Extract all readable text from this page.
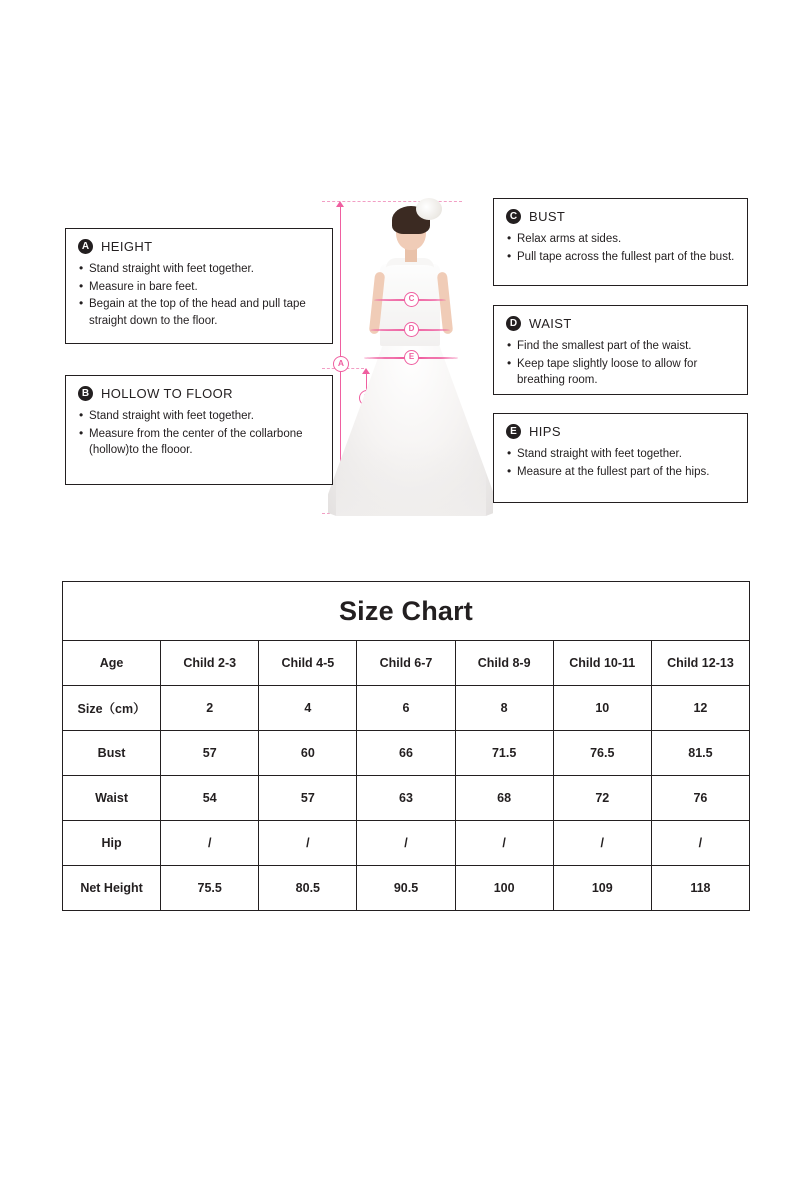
A
C
D
E
A HEIGHT
• Stand straight with feet together.
• Measure in bare feet.
• Begain at the top of the head and pull tape straight down to the floor.
B HOLLOW TO FLOOR
• Stand straight with feet together.
• Measure from the center of the collarbone (hollow)to the flooor.
C BUST
• Relax arms at sides.
• Pull tape across the fullest part of the bust.
D WAIST
• Find the smallest part of the waist.
• Keep tape slightly loose to allow for breathing room.
E HIPS
• Stand straight with feet together.
• Measure at the fullest part of the hips.
Size Chart						
Age	Child 2-3	Child 4-5	Child 6-7	Child 8-9	Child 10-11	Child 12-13
Size（cm）	2	4	6	8	10	12
Bust	57	60	66	71.5	76.5	81.5
Waist	54	57	63	68	72	76
Hip	/	/	/	/	/	/
Net Height	75.5	80.5	90.5	100	109	118
